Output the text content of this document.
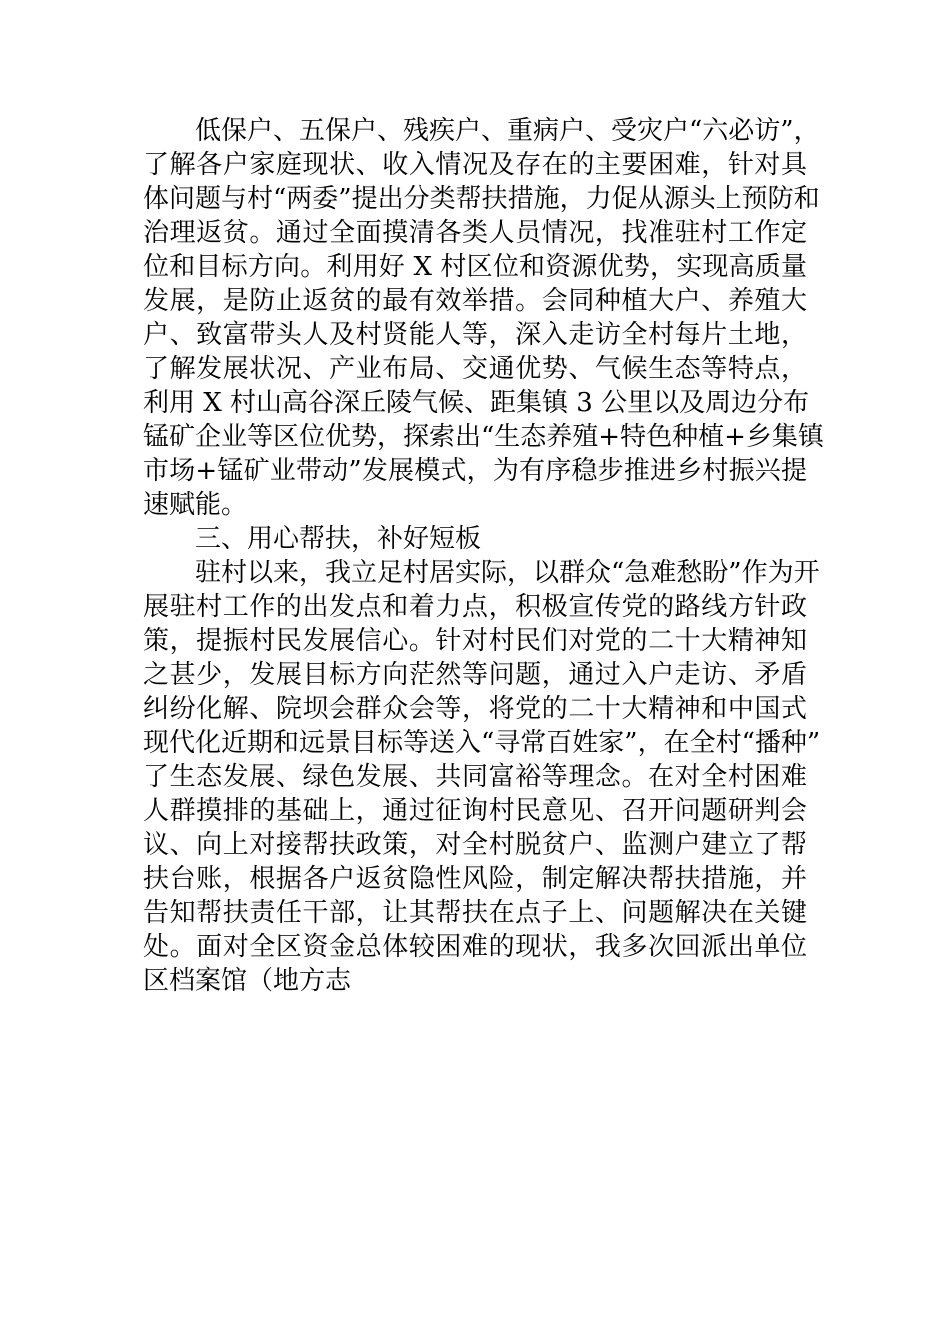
低保户、五保户、残疾户、重病户、受灾户“六必访”，
了解各户家庭现状、收入情况及存在的主要困难，针对具
体问题与村“两委”提出分类帮扶措施，力促从源头上预防和
治理返贫。通过全面摸清各类人员情况，找准驻村工作定
位和目标方向。利用好 X 村区位和资源优势，实现高质量
发展，是防止返贫的最有效举措。会同种植大户、养殖大
户、致富带头人及村贤能人等，深入走访全村每片土地，
了解发展状况、产业布局、交通优势、气候生态等特点，
利用 X 村山高谷深丘陵气候、距集镇 3 公里以及周边分布
锰矿企业等区位优势，探索出“生态养殖+特色种植+乡集镇
市场+锰矿业带动”发展模式，为有序稳步推进乡村振兴提
速赋能。
三、用心帮扶，补好短板
驻村以来，我立足村居实际，以群众“急难愁盼”作为开
展驻村工作的出发点和着力点，积极宣传党的路线方针政
策，提振村民发展信心。针对村民们对党的二十大精神知
之甚少，发展目标方向茫然等问题，通过入户走访、矛盾
纠纷化解、院坝会群众会等，将党的二十大精神和中国式
现代化近期和远景目标等送入“寻常百姓家”，在全村“播种”
了生态发展、绿色发展、共同富裕等理念。在对全村困难
人群摸排的基础上，通过征询村民意见、召开问题研判会
议、向上对接帮扶政策，对全村脱贫户、监测户建立了帮
扶台账，根据各户返贫隐性风险，制定解决帮扶措施，并
告知帮扶责任干部，让其帮扶在点子上、问题解决在关键
处。面对全区资金总体较困难的现状，我多次回派出单位
区档案馆（地方志
